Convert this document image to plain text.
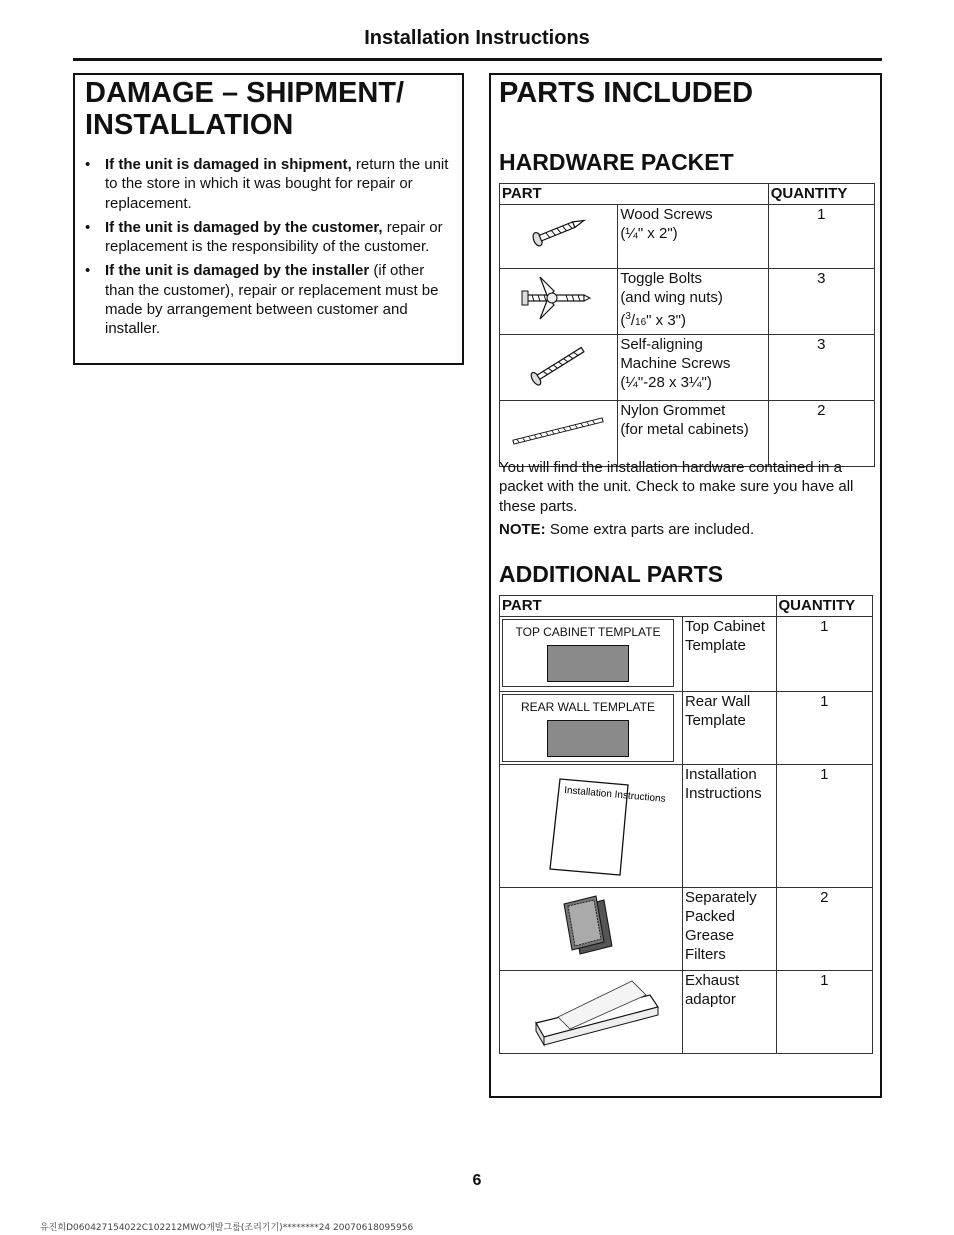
Installation Instructions
DAMAGE – SHIPMENT/ INSTALLATION
• If the unit is damaged in shipment, return the unit to the store in which it was bought for repair or replacement.
• If the unit is damaged by the customer, repair or replacement is the responsibility of the customer.
• If the unit is damaged by the installer (if other than the customer), repair or replacement must be made by arrangement between customer and installer.
PARTS INCLUDED
HARDWARE PACKET
PART		QUANTITY

Wood Screws
(¼" x 2")	1

Toggle Bolts
(and wing nuts)
($^3$/16" x 3")	3

Self-aligning
Machine Screws
(¼"-28 x 3¼")	3

Nylon Grommet
(for metal cabinets)	2

You will find the installation hardware contained in a packet with the unit. Check to make sure you have all these parts.

NOTE: Some extra parts are included.

ADDITIONAL PARTS
PART		QUANTITY

TOP CABINET TEMPLATE	Top Cabinet Template	1

REAR WALL TEMPLATE	Rear Wall Template	1

Installation Instructions	Installation Instructions	1
	Separately Packed Grease Filters	2
	Exhaust adaptor	1
6
유진희D060427154022C102212MWO개발그룹(조리기기)********24 20070618095956
